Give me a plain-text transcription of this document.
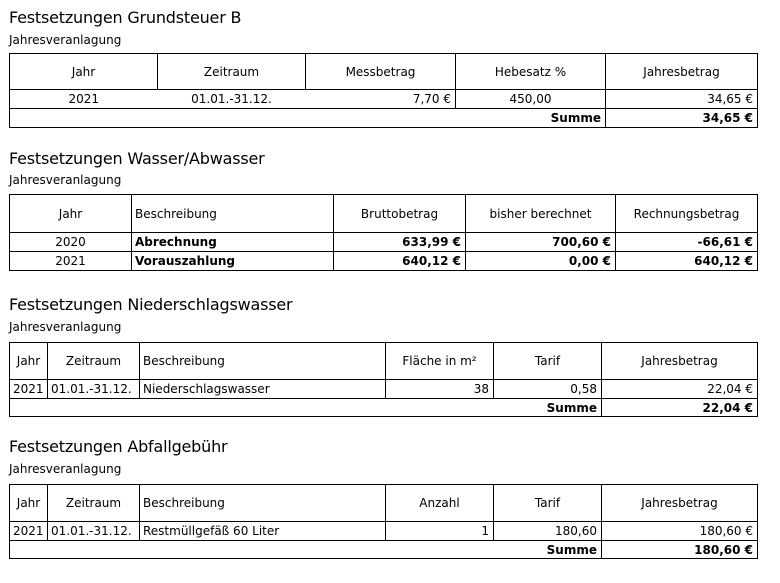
Festsetzungen Grundsteuer B
Jahresveranlagung
Jahr	Zeitraum	Messbetrag	Hebesatz %	Jahresbetrag
2021	01.01.-31.12.	7,70 €	450,00	34,65 €
			Summe	34,65 €
Festsetzungen Wasser/Abwasser
Jahresveranlagung
Jahr	Beschreibung	Bruttobetrag	bisher berechnet	Rechnungsbetrag
2020	Abrechnung	633,99 €	700,60 €	-66,61 €
2021	Vorauszahlung	640,12 €	0,00 €	640,12 €
Festsetzungen Niederschlagswasser
Jahresveranlagung
Jahr	Zeitraum	Beschreibung	Fläche in m²	Tarif	Jahresbetrag
2021	01.01.-31.12.	Niederschlagswasser	38	0,58	22,04 €
				Summe	22,04 €
Festsetzungen Abfallgebühr
Jahresveranlagung
Jahr	Zeitraum	Beschreibung	Anzahl	Tarif	Jahresbetrag
2021	01.01.-31.12.	Restmüllgefäß 60 Liter	1	180,60	180,60 €
				Summe	180,60 €
